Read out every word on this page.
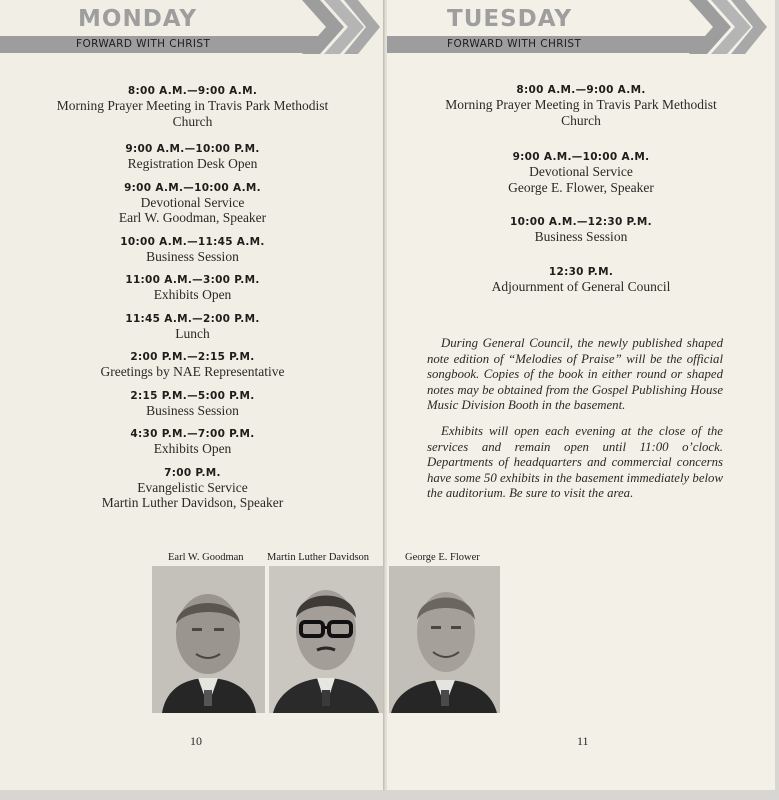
FORWARD WITH CHRIST
MONDAY
8:00 A.M.—9:00 A.M.
Morning Prayer Meeting in Travis Park Methodist
Church
9:00 A.M.—10:00 P.M.
Registration Desk Open
9:00 A.M.—10:00 A.M.
Devotional Service
Earl W. Goodman, Speaker
10:00 A.M.—11:45 A.M.
Business Session
11:00 A.M.—3:00 P.M.
Exhibits Open
11:45 A.M.—2:00 P.M.
Lunch
2:00 P.M.—2:15 P.M.
Greetings by NAE Representative
2:15 P.M.—5:00 P.M.
Business Session
4:30 P.M.—7:00 P.M.
Exhibits Open
7:00 P.M.
Evangelistic Service
Martin Luther Davidson, Speaker
Earl W. Goodman Martin Luther Davidson
10
FORWARD WITH CHRIST
TUESDAY
8:00 A.M.—9:00 A.M.
Morning Prayer Meeting in Travis Park Methodist
Church
9:00 A.M.—10:00 A.M.
Devotional Service
George E. Flower, Speaker
10:00 A.M.—12:30 P.M.
Business Session
12:30 P.M.
Adjournment of General Council

During General Council, the newly published shaped note edition of “Melodies of Praise” will be the official songbook. Copies of the book in either round or shaped notes may be obtained from the Gospel Publishing House Music Division Booth in the basement.

Exhibits will open each evening at the close of the services and remain open until 11:00 o’clock. Departments of headquarters and commercial concerns have some 50 exhibits in the basement immediately below the auditorium. Be sure to visit the area.

George E. Flower
11
